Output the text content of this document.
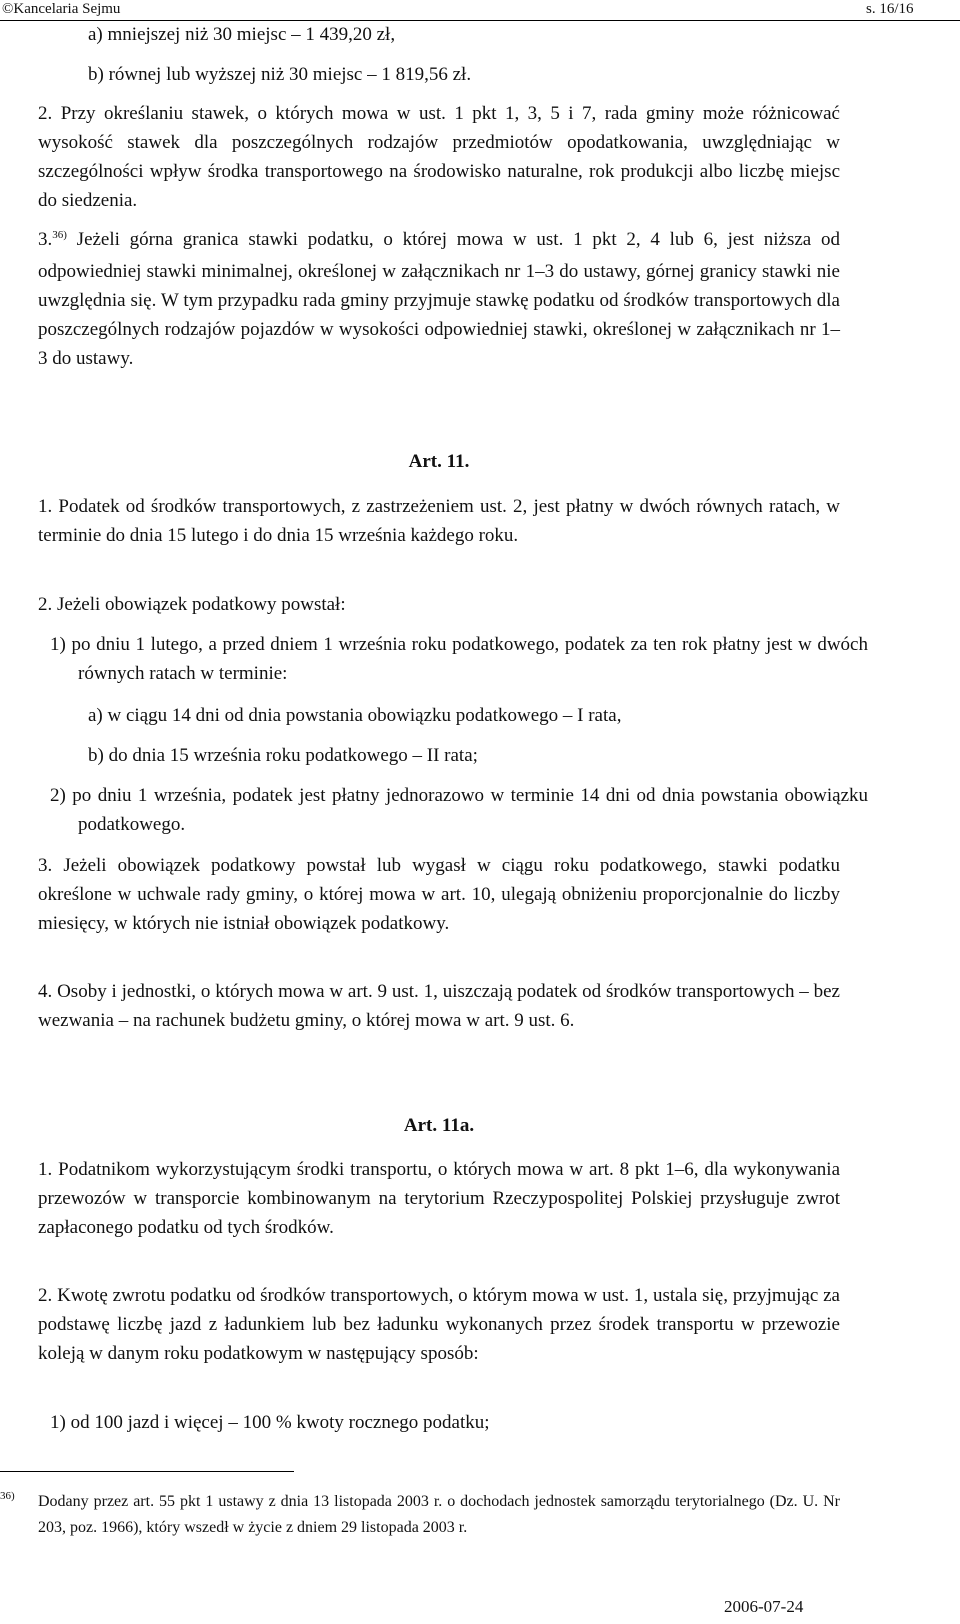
©Kancelaria Sejmu	s. 16/16

a) mniejszej niż 30 miejsc – 1 439,20 zł,

b) równej lub wyższej niż 30 miejsc – 1 819,56 zł.

2. Przy określaniu stawek, o których mowa w ust. 1 pkt 1, 3, 5 i 7, rada gminy może różnicować wysokość stawek dla poszczególnych rodzajów przedmiotów opodatkowania, uwzględniając w szczególności wpływ środka transportowego na środowisko naturalne, rok produkcji albo liczbę miejsc do siedzenia.

3.$^{36)}$ Jeżeli górna granica stawki podatku, o której mowa w ust. 1 pkt 2, 4 lub 6, jest niższa od odpowiedniej stawki minimalnej, określonej w załącznikach nr 1–3 do ustawy, górnej granicy stawki nie uwzględnia się. W tym przypadku rada gminy przyjmuje stawkę podatku od środków transportowych dla poszczególnych rodzajów pojazdów w wysokości odpowiedniej stawki, określonej w załącznikach nr 1–3 do ustawy.

Art. 11.

1. Podatek od środków transportowych, z zastrzeżeniem ust. 2, jest płatny w dwóch równych ratach, w terminie do dnia 15 lutego i do dnia 15 września każdego roku.

2. Jeżeli obowiązek podatkowy powstał:

1) po dniu 1 lutego, a przed dniem 1 września roku podatkowego, podatek za ten rok płatny jest w dwóch równych ratach w terminie:

a) w ciągu 14 dni od dnia powstania obowiązku podatkowego – I rata,

b) do dnia 15 września roku podatkowego – II rata;

2) po dniu 1 września, podatek jest płatny jednorazowo w terminie 14 dni od dnia powstania obowiązku podatkowego.

3. Jeżeli obowiązek podatkowy powstał lub wygasł w ciągu roku podatkowego, stawki podatku określone w uchwale rady gminy, o której mowa w art. 10, ulegają obniżeniu proporcjonalnie do liczby miesięcy, w których nie istniał obowiązek podatkowy.

4. Osoby i jednostki, o których mowa w art. 9 ust. 1, uiszczają podatek od środków transportowych – bez wezwania – na rachunek budżetu gminy, o której mowa w art. 9 ust. 6.

Art. 11a.

1. Podatnikom wykorzystującym środki transportu, o których mowa w art. 8 pkt 1–6, dla wykonywania przewozów w transporcie kombinowanym na terytorium Rzeczypospolitej Polskiej przysługuje zwrot zapłaconego podatku od tych środków.

2. Kwotę zwrotu podatku od środków transportowych, o którym mowa w ust. 1, ustala się, przyjmując za podstawę liczbę jazd z ładunkiem lub bez ładunku wykonanych przez środek transportu w przewozie koleją w danym roku podatkowym w następujący sposób:

1) od 100 jazd i więcej – 100 % kwoty rocznego podatku;

36) Dodany przez art. 55 pkt 1 ustawy z dnia 13 listopada 2003 r. o dochodach jednostek samorządu terytorialnego (Dz. U. Nr 203, poz. 1966), który wszedł w życie z dniem 29 listopada 2003 r.

2006-07-24
